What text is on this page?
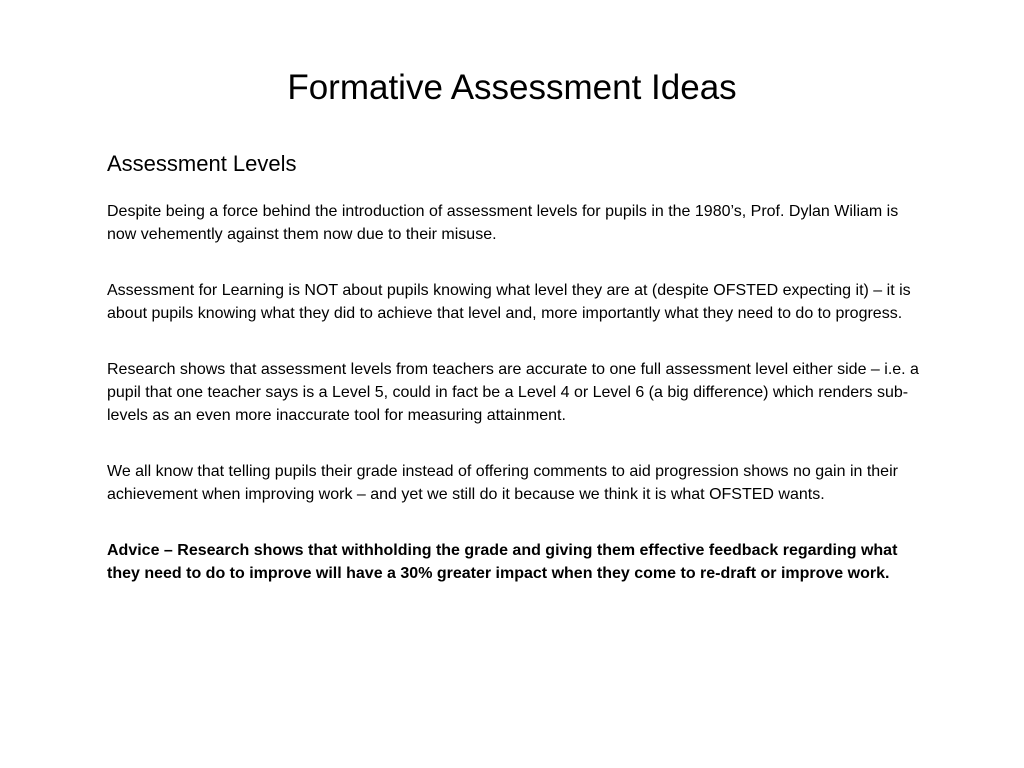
Formative Assessment Ideas
Assessment Levels

Despite being a force behind the introduction of assessment levels for pupils in the 1980’s, Prof. Dylan Wiliam is now vehemently against them now due to their misuse.

Assessment for Learning is NOT about pupils knowing what level they are at (despite OFSTED expecting it) – it is about pupils knowing what they did to achieve that level and, more importantly what they need to do to progress.

Research shows that assessment levels from teachers are accurate to one full assessment level either side – i.e. a pupil that one teacher says is a Level 5, could in fact be a Level 4 or Level 6 (a big difference) which renders sub-levels as an even more inaccurate tool for measuring attainment.

We all know that telling pupils their grade instead of offering comments to aid progression shows no gain in their achievement when improving work – and yet we still do it because we think it is what OFSTED wants.

Advice – Research shows that withholding the grade and giving them effective feedback regarding what they need to do to improve will have a 30% greater impact when they come to re-draft or improve work.
